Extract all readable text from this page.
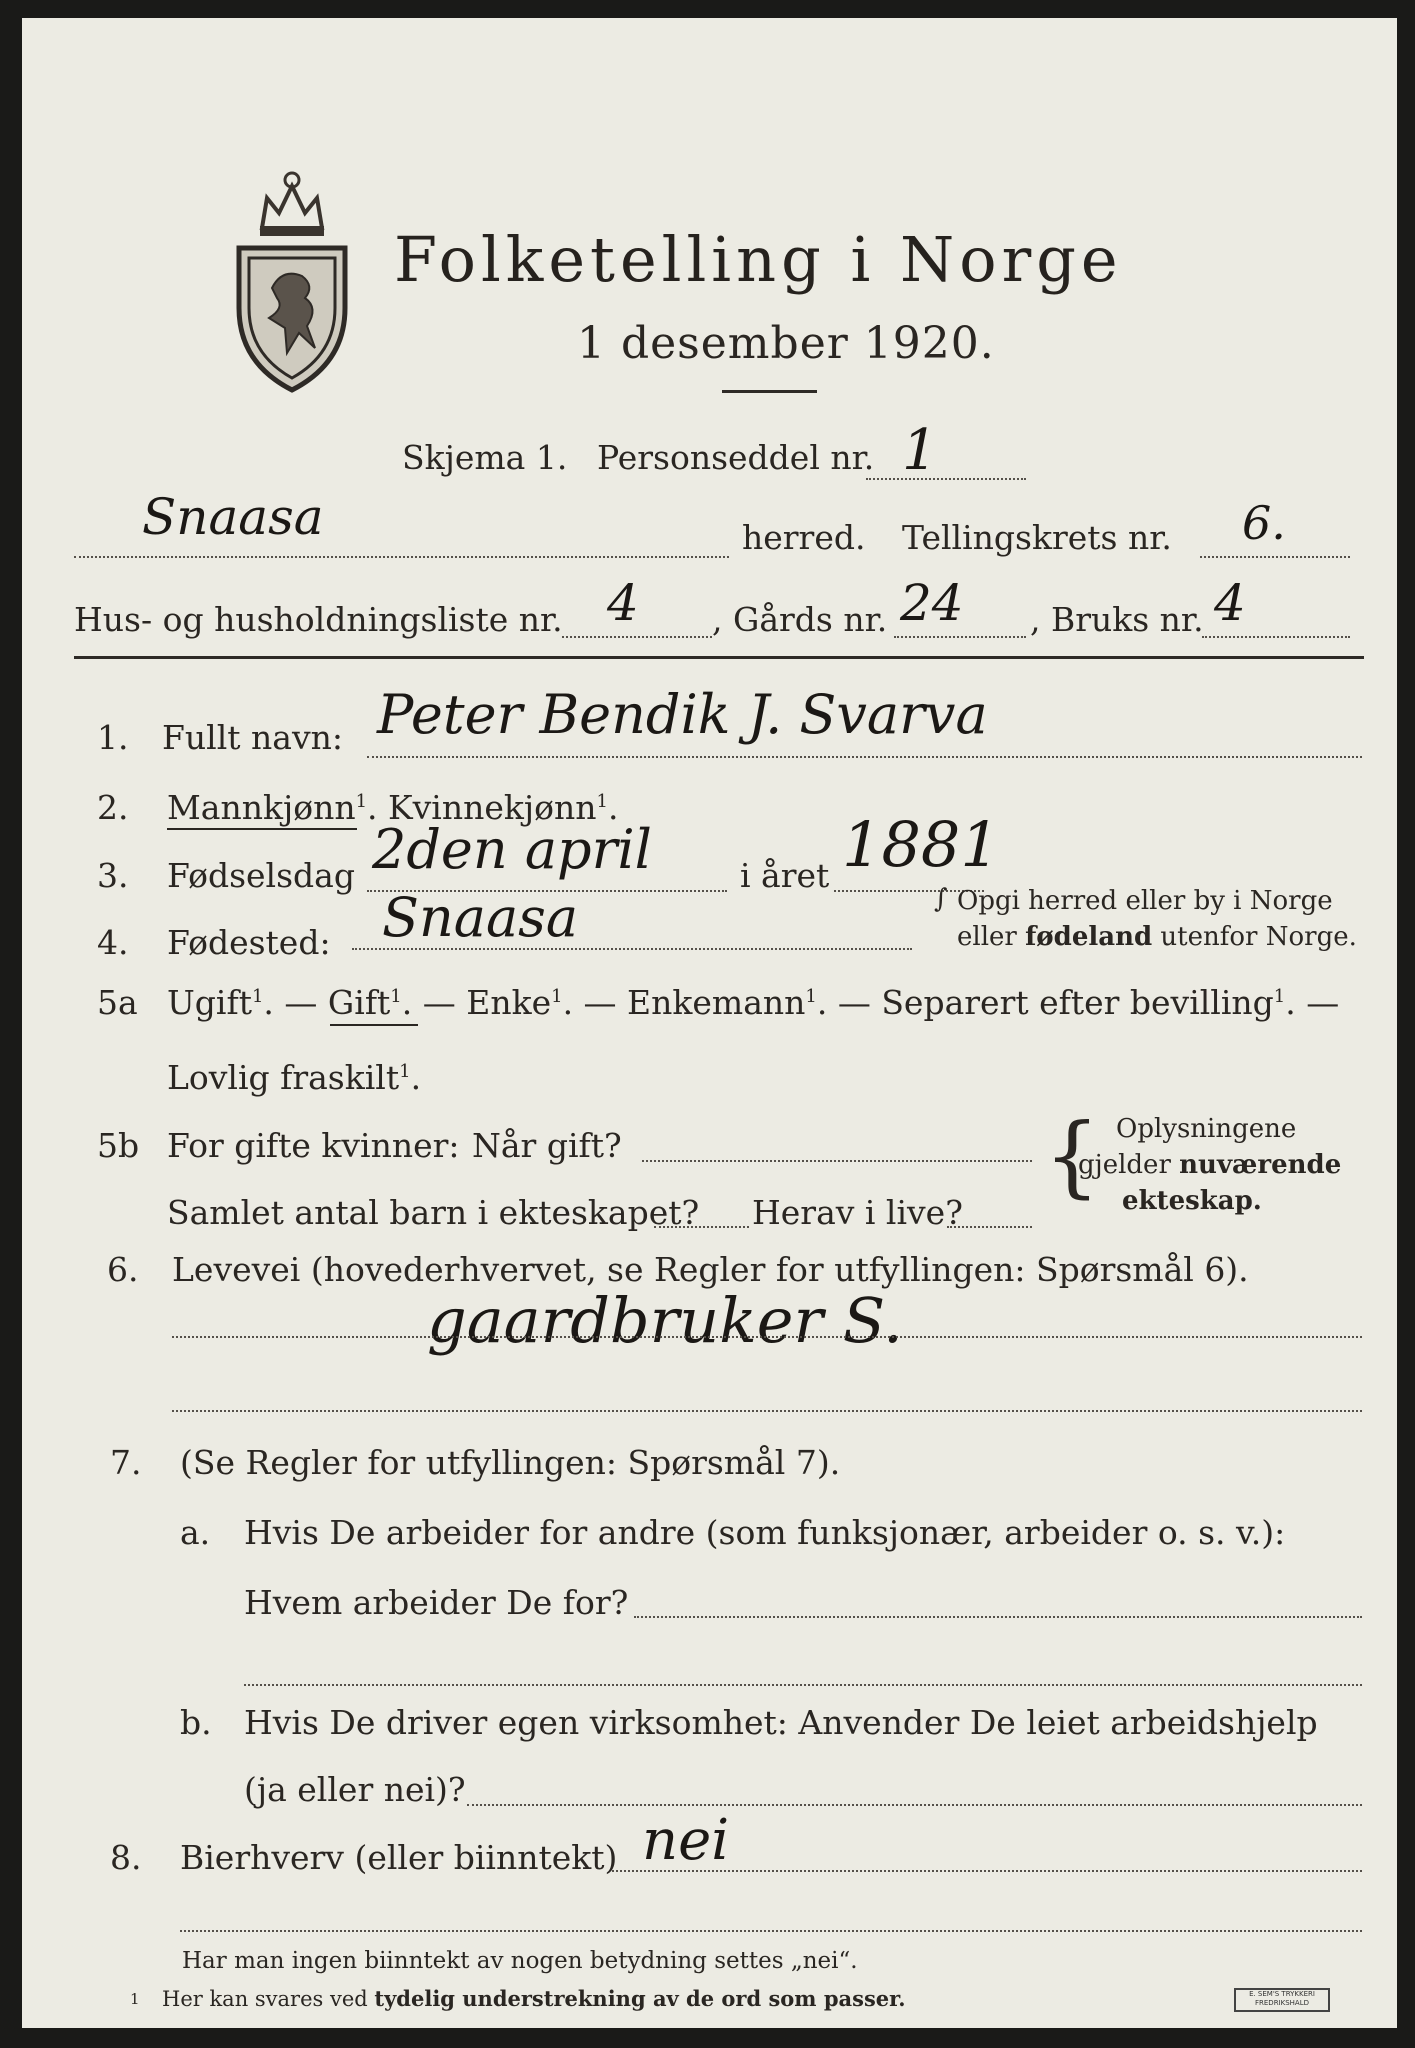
Folketelling i Norge
1 desember 1920.
Skjema 1. Personseddel nr. 1
Snaasa	herred. Tellingskrets nr. 6.
Hus- og husholdningsliste nr. 4 , Gårds nr. 24 , Bruks nr. 4
1. Fullt navn: Peter Bendik J. Svarva
2. Mannkjønn$^1$. Kvinnekjønn$^1$.
3. Fødselsdag 2den april	i året 1881
4. Fødested: Snaasa	∫ Opgi herred eller by i Norge
eller fødeland utenfor Norge.
5a Ugift$^1$. — Gift$^1$. — Enke$^1$. — Enkemann$^1$. — Separert efter bevilling$^1$. —
Lovlig fraskilt$^1$.
5b For gifte kvinner: Når gift?
Samlet antal barn i ekteskapet? Herav i live?
{ Oplysningene
gjelder nuværende
ekteskap.
6. Levevei (hovederhvervet, se Regler for utfyllingen: Spørsmål 6).
gaardbruker S.
7. (Se Regler for utfyllingen: Spørsmål 7).
a. Hvis De arbeider for andre (som funksjonær, arbeider o. s. v.):
Hvem arbeider De for?
b. Hvis De driver egen virksomhet: Anvender De leiet arbeidshjelp
(ja eller nei)?
8. Bierhverv (eller biinntekt) nei
Har man ingen biinntekt av nogen betydning settes „nei“.
1 Her kan svares ved tydelig understrekning av de ord som passer.	E. SEM'S TRYKKERI
FREDRIKSHALD
